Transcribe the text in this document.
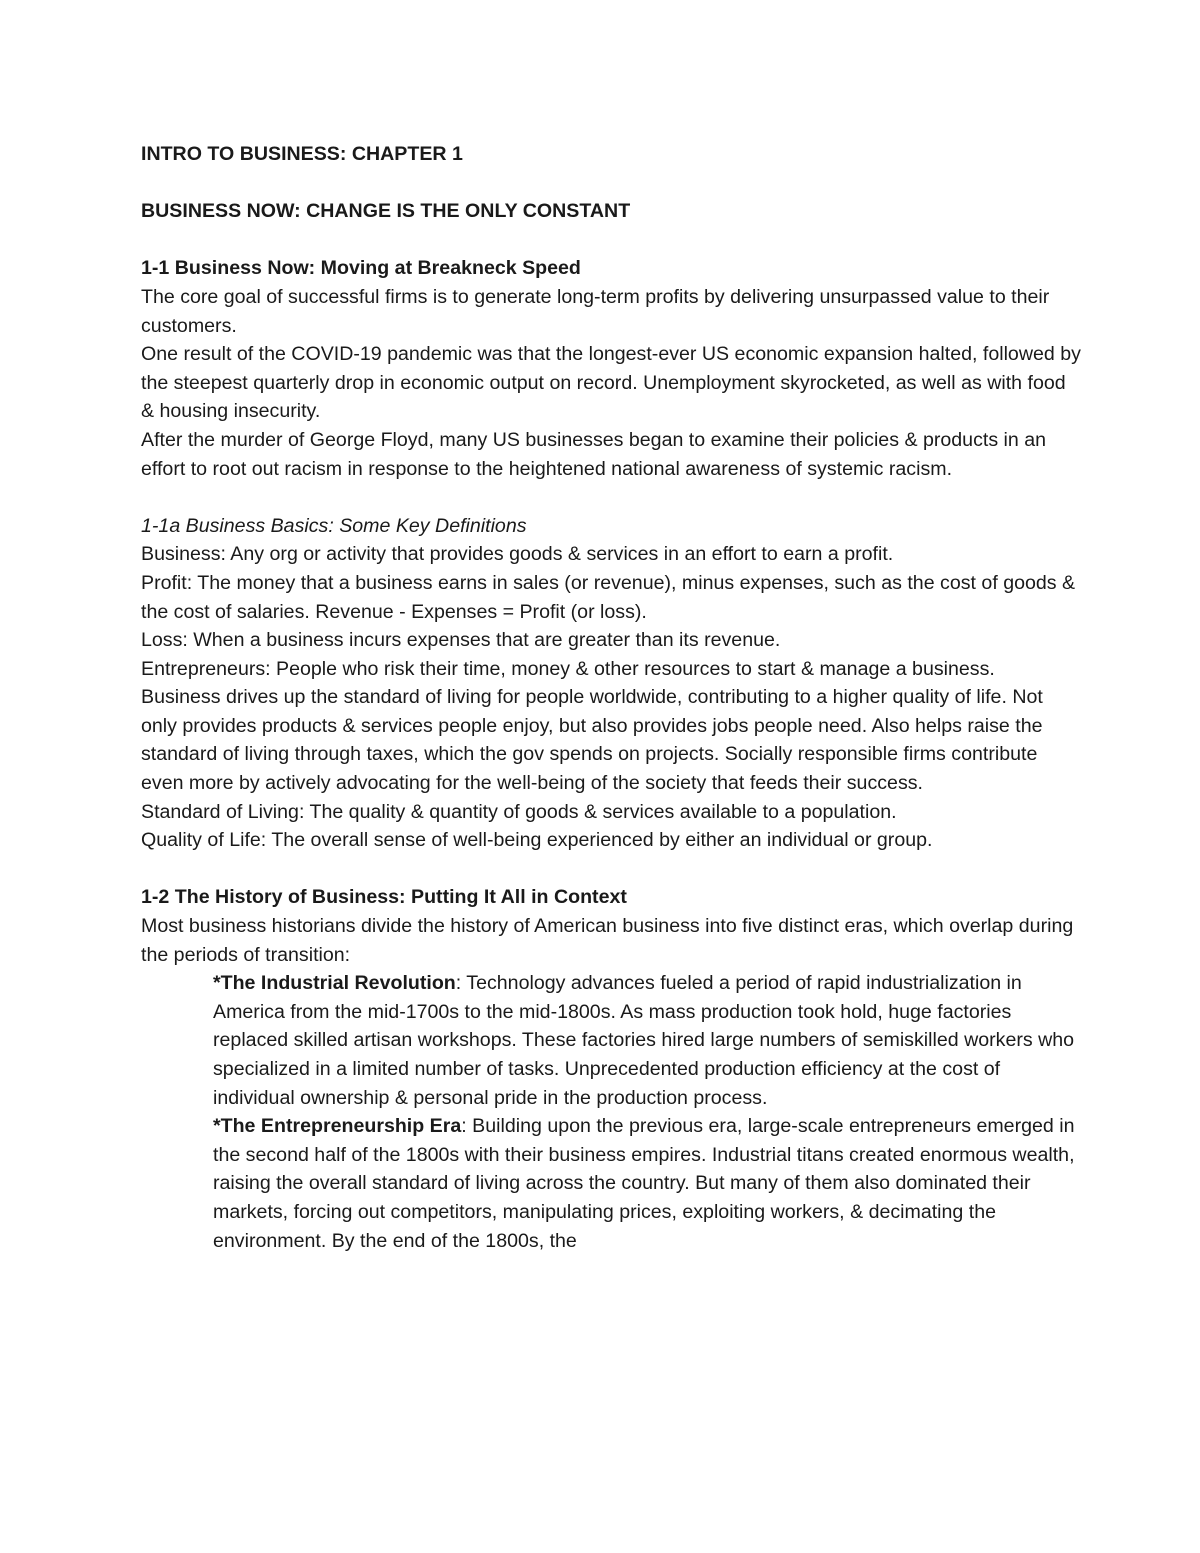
INTRO TO BUSINESS: CHAPTER 1

BUSINESS NOW: CHANGE IS THE ONLY CONSTANT

1-1 Business Now: Moving at Breakneck Speed

The core goal of successful firms is to generate long-term profits by delivering unsurpassed value to their customers.

One result of the COVID-19 pandemic was that the longest-ever US economic expansion halted, followed by the steepest quarterly drop in economic output on record. Unemployment skyrocketed, as well as with food & housing insecurity.

After the murder of George Floyd, many US businesses began to examine their policies & products in an effort to root out racism in response to the heightened national awareness of systemic racism.

1-1a Business Basics: Some Key Definitions

Business: Any org or activity that provides goods & services in an effort to earn a profit.

Profit: The money that a business earns in sales (or revenue), minus expenses, such as the cost of goods & the cost of salaries. Revenue - Expenses = Profit (or loss).

Loss: When a business incurs expenses that are greater than its revenue.

Entrepreneurs: People who risk their time, money & other resources to start & manage a business.

Business drives up the standard of living for people worldwide, contributing to a higher quality of life. Not only provides products & services people enjoy, but also provides jobs people need. Also helps raise the standard of living through taxes, which the gov spends on projects. Socially responsible firms contribute even more by actively advocating for the well-being of the society that feeds their success.

Standard of Living: The quality & quantity of goods & services available to a population.

Quality of Life: The overall sense of well-being experienced by either an individual or group.

1-2 The History of Business: Putting It All in Context

Most business historians divide the history of American business into five distinct eras, which overlap during the periods of transition:

*The Industrial Revolution: Technology advances fueled a period of rapid industrialization in America from the mid-1700s to the mid-1800s. As mass production took hold, huge factories replaced skilled artisan workshops. These factories hired large numbers of semiskilled workers who specialized in a limited number of tasks. Unprecedented production efficiency at the cost of individual ownership & personal pride in the production process.

*The Entrepreneurship Era: Building upon the previous era, large-scale entrepreneurs emerged in the second half of the 1800s with their business empires. Industrial titans created enormous wealth, raising the overall standard of living across the country. But many of them also dominated their markets, forcing out competitors, manipulating prices, exploiting workers, & decimating the environment. By the end of the 1800s, the
